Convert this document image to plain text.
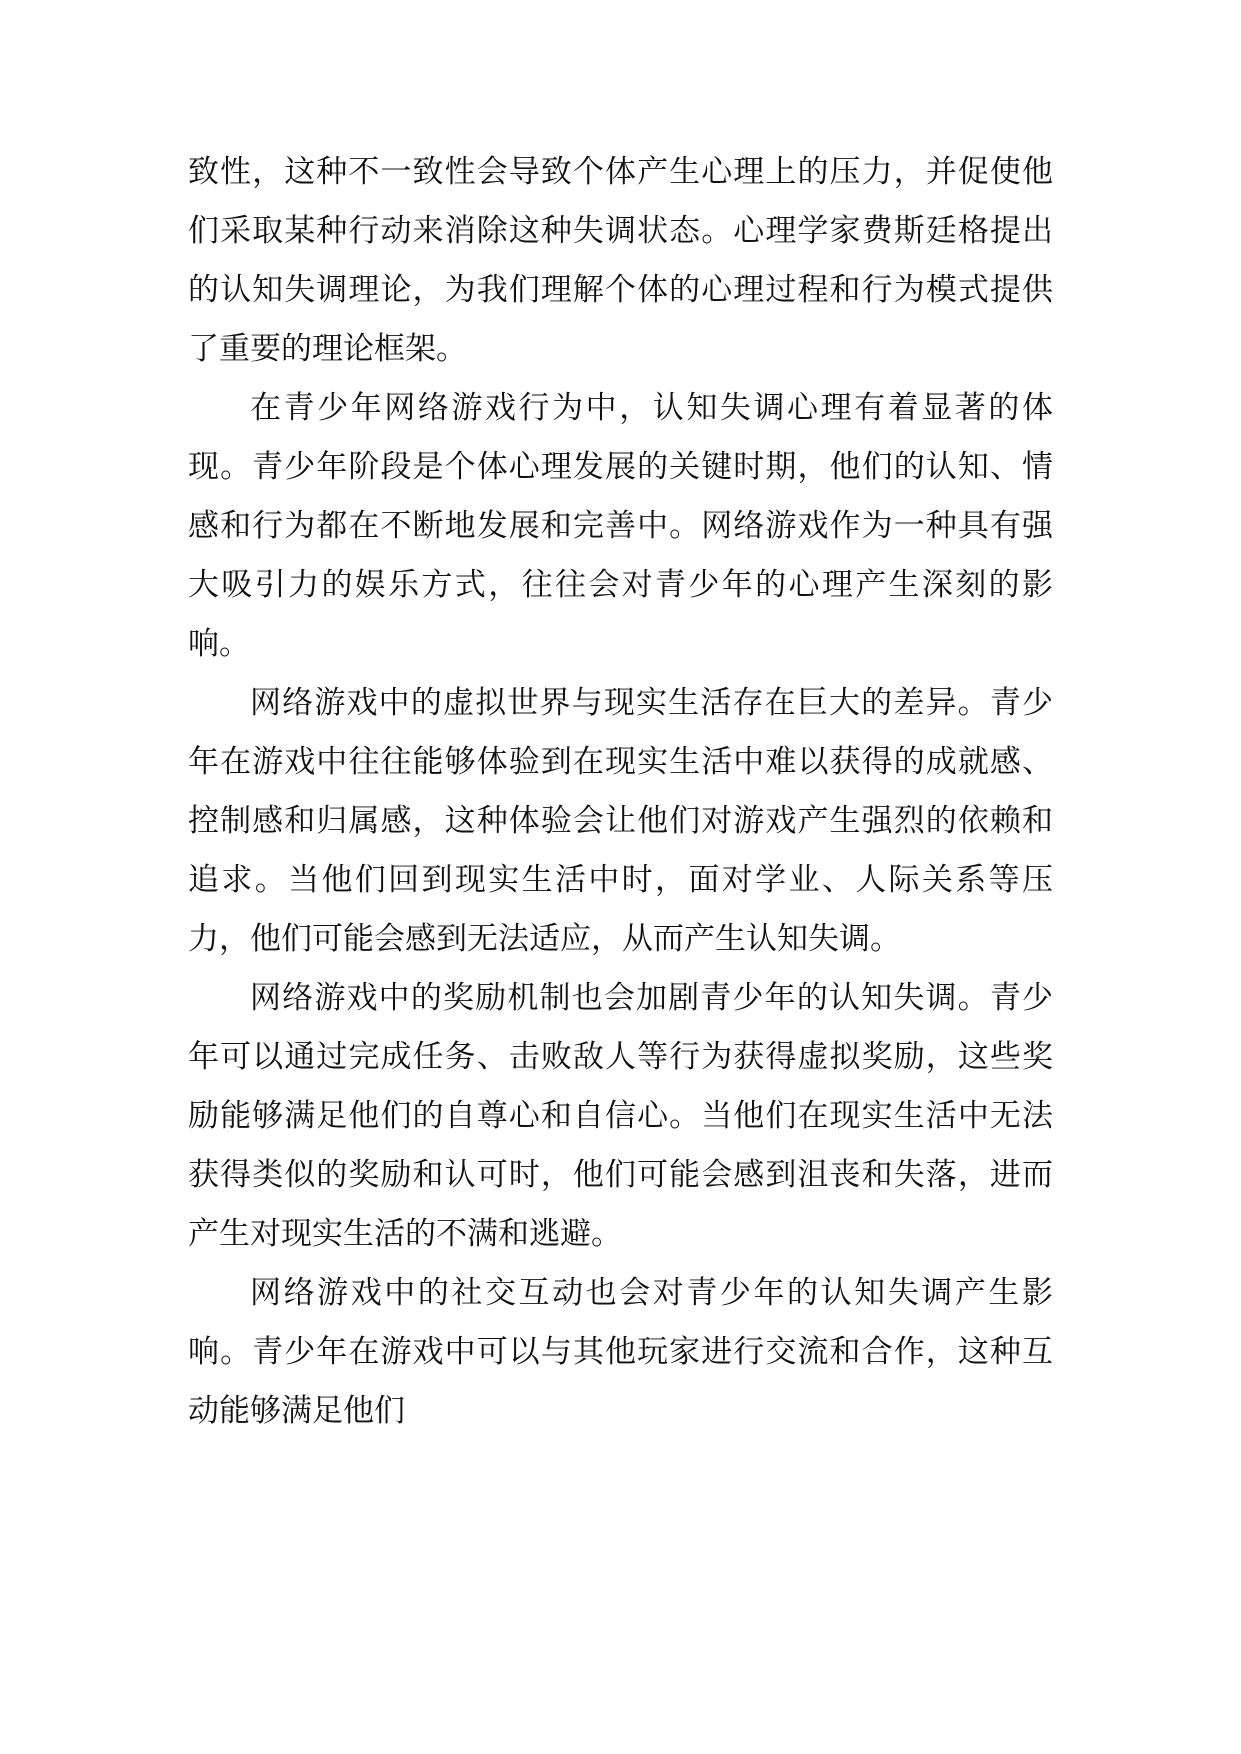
致性，这种不一致性会导致个体产生心理上的压力，并促使他们采取某种行动来消除这种失调状态。心理学家费斯廷格提出的认知失调理论，为我们理解个体的心理过程和行为模式提供了重要的理论框架。

在青少年网络游戏行为中，认知失调心理有着显著的体现。青少年阶段是个体心理发展的关键时期，他们的认知、情感和行为都在不断地发展和完善中。网络游戏作为一种具有强大吸引力的娱乐方式，往往会对青少年的心理产生深刻的影响。

网络游戏中的虚拟世界与现实生活存在巨大的差异。青少年在游戏中往往能够体验到在现实生活中难以获得的成就感、控制感和归属感，这种体验会让他们对游戏产生强烈的依赖和追求。当他们回到现实生活中时，面对学业、人际关系等压力，他们可能会感到无法适应，从而产生认知失调。

网络游戏中的奖励机制也会加剧青少年的认知失调。青少年可以通过完成任务、击败敌人等行为获得虚拟奖励，这些奖励能够满足他们的自尊心和自信心。当他们在现实生活中无法获得类似的奖励和认可时，他们可能会感到沮丧和失落，进而产生对现实生活的不满和逃避。

网络游戏中的社交互动也会对青少年的认知失调产生影响。青少年在游戏中可以与其他玩家进行交流和合作，这种互动能够满足他们
